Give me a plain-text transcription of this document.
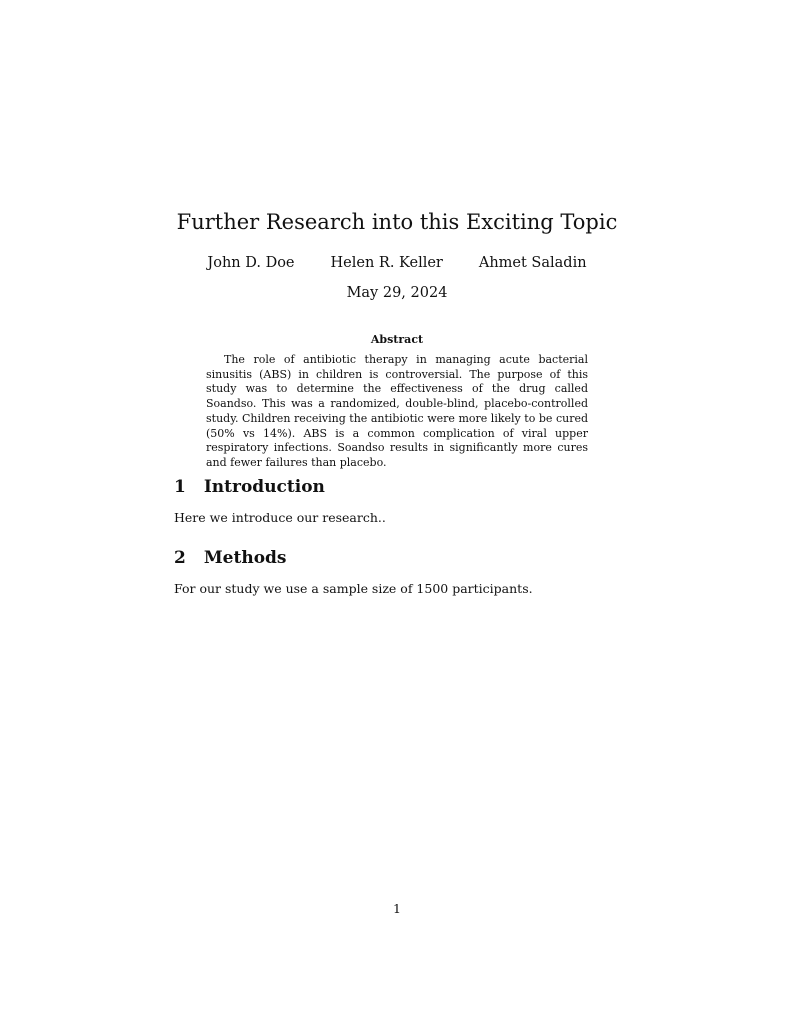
Further Research into this Exciting Topic
John D. Doe Helen R. Keller Ahmet Saladin
May 29, 2024
Abstract

The role of antibiotic therapy in managing acute bacterial sinusitis (ABS) in children is controversial. The purpose of this study was to determine the effectiveness of the drug called Soandso. This was a randomized, double-blind, placebo-controlled study. Children receiving the antibiotic were more likely to be cured (50% vs 14%). ABS is a common complication of viral upper respiratory infections. Soandso results in significantly more cures and fewer failures than placebo.

1 Introduction

Here we introduce our research..

2 Methods

For our study we use a sample size of 1500 participants.

1
